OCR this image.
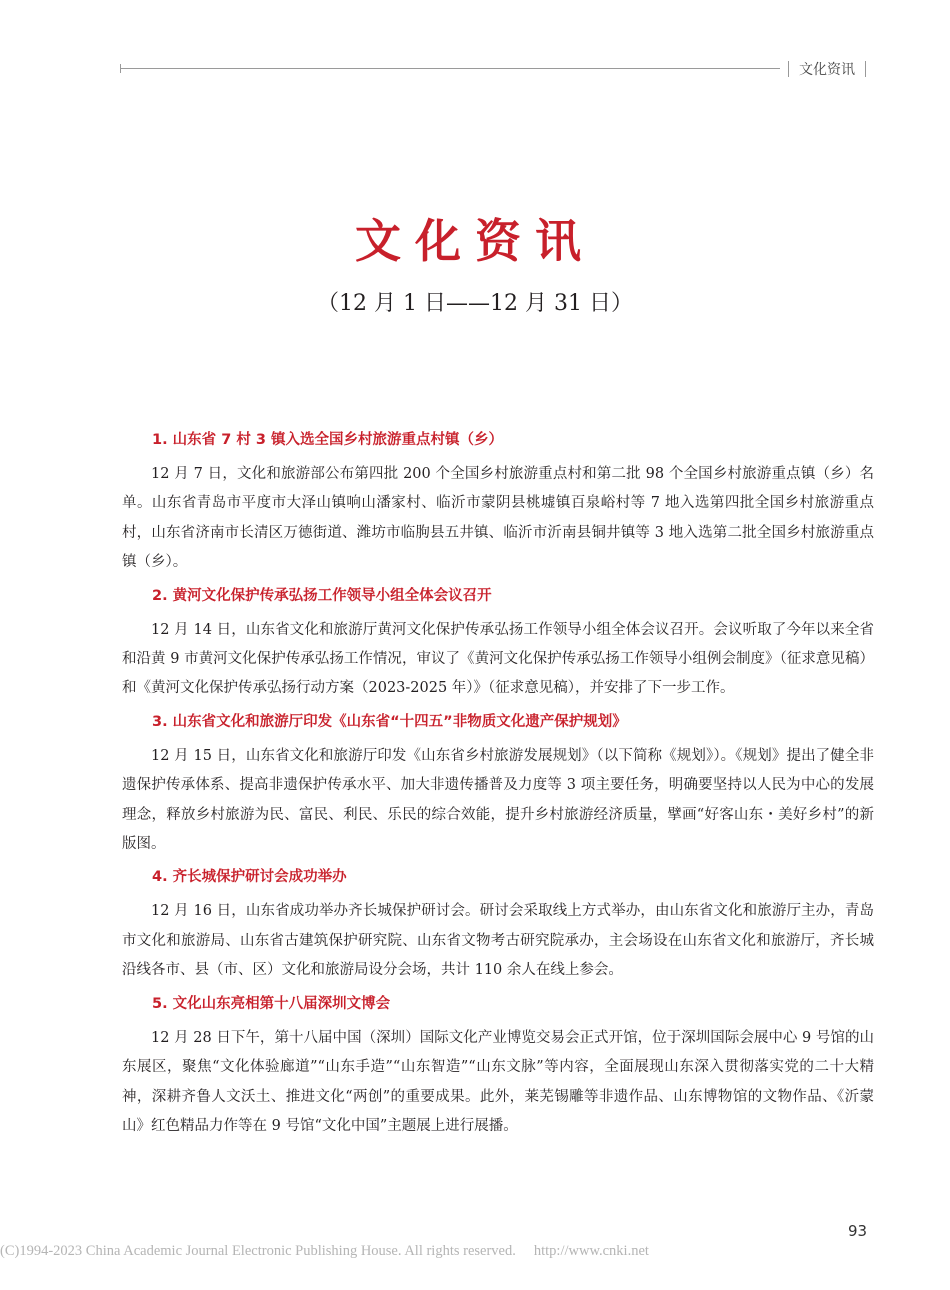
文化资讯
文化资讯
（12 月 1 日——12 月 31 日）
1. 山东省 7 村 3 镇入选全国乡村旅游重点村镇（乡）

12 月 7 日，文化和旅游部公布第四批 200 个全国乡村旅游重点村和第二批 98 个全国乡村旅游重点镇（乡）名单。山东省青岛市平度市大泽山镇响山潘家村、临沂市蒙阴县桃墟镇百泉峪村等 7 地入选第四批全国乡村旅游重点村，山东省济南市长清区万德街道、潍坊市临朐县五井镇、临沂市沂南县铜井镇等 3 地入选第二批全国乡村旅游重点镇（乡）。

2. 黄河文化保护传承弘扬工作领导小组全体会议召开

12 月 14 日，山东省文化和旅游厅黄河文化保护传承弘扬工作领导小组全体会议召开。会议听取了今年以来全省和沿黄 9 市黄河文化保护传承弘扬工作情况，审议了《黄河文化保护传承弘扬工作领导小组例会制度》（征求意见稿）和《黄河文化保护传承弘扬行动方案（2023-2025 年）》（征求意见稿），并安排了下一步工作。

3. 山东省文化和旅游厅印发《山东省“十四五”非物质文化遗产保护规划》

12 月 15 日，山东省文化和旅游厅印发《山东省乡村旅游发展规划》（以下简称《规划》）。《规划》提出了健全非遗保护传承体系、提高非遗保护传承水平、加大非遗传播普及力度等 3 项主要任务，明确要坚持以人民为中心的发展理念，释放乡村旅游为民、富民、利民、乐民的综合效能，提升乡村旅游经济质量，擘画“好客山东・美好乡村”的新版图。

4. 齐长城保护研讨会成功举办

12 月 16 日，山东省成功举办齐长城保护研讨会。研讨会采取线上方式举办，由山东省文化和旅游厅主办，青岛市文化和旅游局、山东省古建筑保护研究院、山东省文物考古研究院承办，主会场设在山东省文化和旅游厅，齐长城沿线各市、县（市、区）文化和旅游局设分会场，共计 110 余人在线上参会。

5. 文化山东亮相第十八届深圳文博会

12 月 28 日下午，第十八届中国（深圳）国际文化产业博览交易会正式开馆，位于深圳国际会展中心 9 号馆的山东展区，聚焦“文化体验廊道”“山东手造”“山东智造”“山东文脉”等内容，全面展现山东深入贯彻落实党的二十大精神，深耕齐鲁人文沃土、推进文化“两创”的重要成果。此外，莱芜锡雕等非遗作品、山东博物馆的文物作品、《沂蒙山》红色精品力作等在 9 号馆“文化中国”主题展上进行展播。

93
(C)1994-2023 China Academic Journal Electronic Publishing House. All rights reserved. http://www.cnki.net
